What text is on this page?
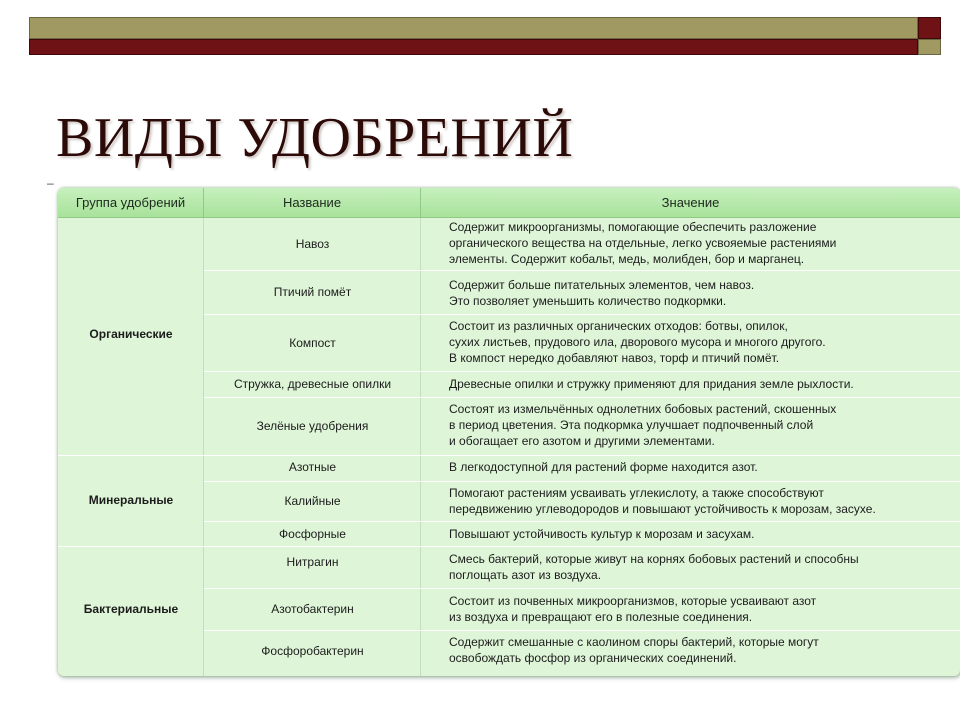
ВИДЫ УДОБРЕНИЙ
–
Группа удобрений	Название	Значение
Органические
Минеральные
Бактериальные
Навоз
Птичий помёт
Компост
Стружка, древесные опилки
Зелёные удобрения
Азотные
Калийные
Фосфорные
Нитрагин
Азотобактерин
Фосфоробактерин
Содержит микроорганизмы, помогающие обеспечить разложение
органического вещества на отдельные, легко усвояемые растениями
элементы. Содержит кобальт, медь, молибден, бор и марганец.
Содержит больше питательных элементов, чем навоз.
Это позволяет уменьшить количество подкормки.
Состоит из различных органических отходов: ботвы, опилок,
сухих листьев, прудового ила, дворового мусора и многого другого.
В компост нередко добавляют навоз, торф и птичий помёт.
Древесные опилки и стружку применяют для придания земле рыхлости.
Состоят из измельчённых однолетних бобовых растений, скошенных
в период цветения. Эта подкормка улучшает подпочвенный слой
и обогащает его азотом и другими элементами.
В легкодоступной для растений форме находится азот.
Помогают растениям усваивать углекислоту, а также способствуют
передвижению углеводородов и повышают устойчивость к морозам, засухе.
Повышают устойчивость культур к морозам и засухам.
Смесь бактерий, которые живут на корнях бобовых растений и способны
поглощать азот из воздуха.
Состоит из почвенных микроорганизмов, которые усваивают азот
из воздуха и превращают его в полезные соединения.
Содержит смешанные с каолином споры бактерий, которые могут
освобождать фосфор из органических соединений.
